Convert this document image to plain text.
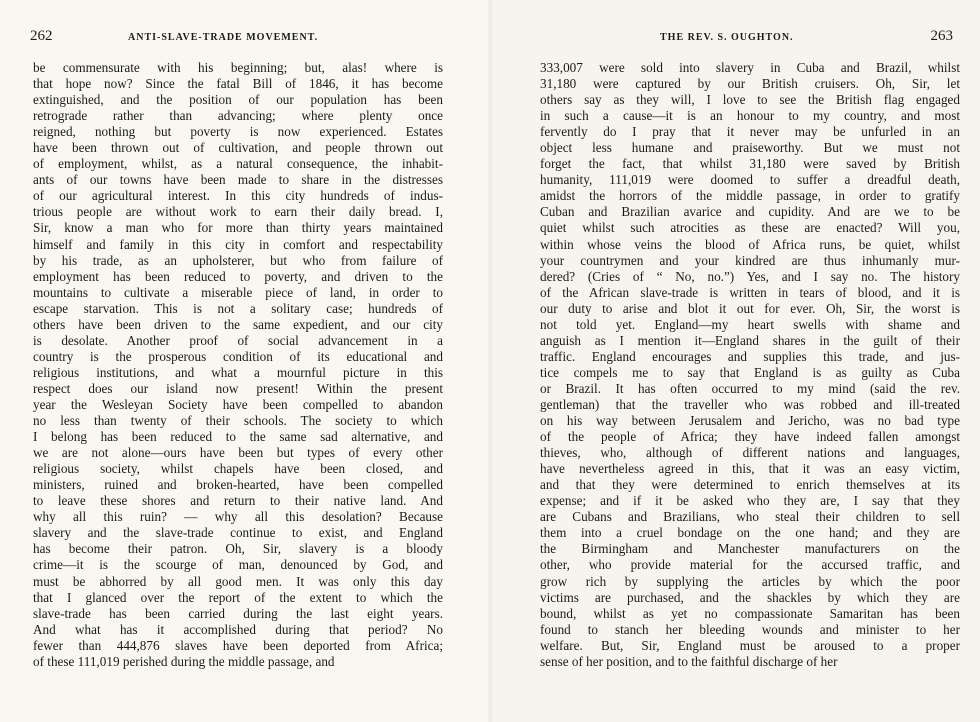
262	ANTI-SLAVE-TRADE MOVEMENT.
be commensurate with his beginning; but, alas! where is
that hope now? Since the fatal Bill of 1846, it has become
extinguished, and the position of our population has been
retrograde rather than advancing; where plenty once
reigned, nothing but poverty is now experienced. Estates
have been thrown out of cultivation, and people thrown out
of employment, whilst, as a natural consequence, the inhabit-
ants of our towns have been made to share in the distresses
of our agricultural interest. In this city hundreds of indus-
trious people are without work to earn their daily bread. I,
Sir, know a man who for more than thirty years maintained
himself and family in this city in comfort and respectability
by his trade, as an upholsterer, but who from failure of
employment has been reduced to poverty, and driven to the
mountains to cultivate a miserable piece of land, in order to
escape starvation. This is not a solitary case; hundreds of
others have been driven to the same expedient, and our city
is desolate. Another proof of social advancement in a
country is the prosperous condition of its educational and
religious institutions, and what a mournful picture in this
respect does our island now present! Within the present
year the Wesleyan Society have been compelled to abandon
no less than twenty of their schools. The society to which
I belong has been reduced to the same sad alternative, and
we are not alone—ours have been but types of every other
religious society, whilst chapels have been closed, and
ministers, ruined and broken-hearted, have been compelled
to leave these shores and return to their native land. And
why all this ruin? — why all this desolation? Because
slavery and the slave-trade continue to exist, and England
has become their patron. Oh, Sir, slavery is a bloody
crime—it is the scourge of man, denounced by God, and
must be abhorred by all good men. It was only this day
that I glanced over the report of the extent to which the
slave-trade has been carried during the last eight years.
And what has it accomplished during that period? No
fewer than 444,876 slaves have been deported from Africa;
of these 111,019 perished during the middle passage, and
THE REV. S. OUGHTON.	263
333,007 were sold into slavery in Cuba and Brazil, whilst
31,180 were captured by our British cruisers. Oh, Sir, let
others say as they will, I love to see the British flag engaged
in such a cause—it is an honour to my country, and most
fervently do I pray that it never may be unfurled in an
object less humane and praiseworthy. But we must not
forget the fact, that whilst 31,180 were saved by British
humanity, 111,019 were doomed to suffer a dreadful death,
amidst the horrors of the middle passage, in order to gratify
Cuban and Brazilian avarice and cupidity. And are we to be
quiet whilst such atrocities as these are enacted? Will you,
within whose veins the blood of Africa runs, be quiet, whilst
your countrymen and your kindred are thus inhumanly mur-
dered? (Cries of “ No, no.”) Yes, and I say no. The history
of the African slave-trade is written in tears of blood, and it is
our duty to arise and blot it out for ever. Oh, Sir, the worst is
not told yet. England—my heart swells with shame and
anguish as I mention it—England shares in the guilt of their
traffic. England encourages and supplies this trade, and jus-
tice compels me to say that England is as guilty as Cuba
or Brazil. It has often occurred to my mind (said the rev.
gentleman) that the traveller who was robbed and ill-treated
on his way between Jerusalem and Jericho, was no bad type
of the people of Africa; they have indeed fallen amongst
thieves, who, although of different nations and languages,
have nevertheless agreed in this, that it was an easy victim,
and that they were determined to enrich themselves at its
expense; and if it be asked who they are, I say that they
are Cubans and Brazilians, who steal their children to sell
them into a cruel bondage on the one hand; and they are
the Birmingham and Manchester manufacturers on the
other, who provide material for the accursed traffic, and
grow rich by supplying the articles by which the poor
victims are purchased, and the shackles by which they are
bound, whilst as yet no compassionate Samaritan has been
found to stanch her bleeding wounds and minister to her
welfare. But, Sir, England must be aroused to a proper
sense of her position, and to the faithful discharge of her
